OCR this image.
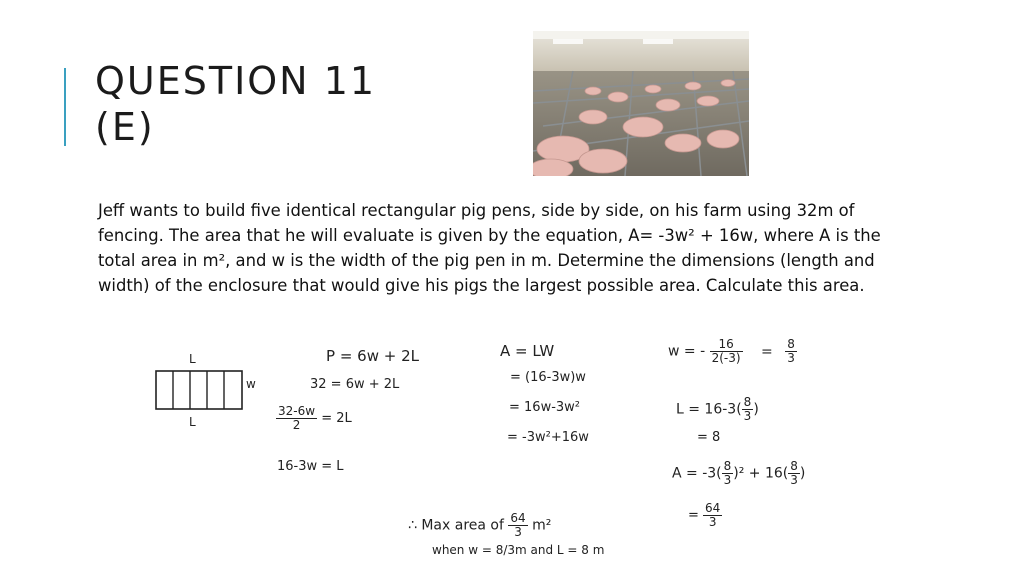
QUESTION 11
(E)
Jeff wants to build five identical rectangular pig pens, side by side, on his farm using 32m of fencing. The area that he will evaluate is given by the equation, A= -3w² + 16w, where A is the total area in m², and w is the width of the pig pen in m. Determine the dimensions (length and width) of the enclosure that would give his pigs the largest possible area. Calculate this area.
L
w
L
P = 6w + 2L
32 = 6w + 2L
$\frac{32-6w}{2} = 2L$
16-3w = L
A = LW
= (16-3w)w
= 16w-3w²
= -3w²+16w
w = - $\frac{16}{2(-3)} = \frac{8}{3}$
$L = 16-3( \frac{8}{3}$ )
= 8
$A = -3( \frac{8}{3} )^2 + 16( \frac{8}{3}$ )
= $\frac{64}{3}$
∴ Max area of $\frac{64}{3} m^2$
when w = 8/3m and L = 8 m
